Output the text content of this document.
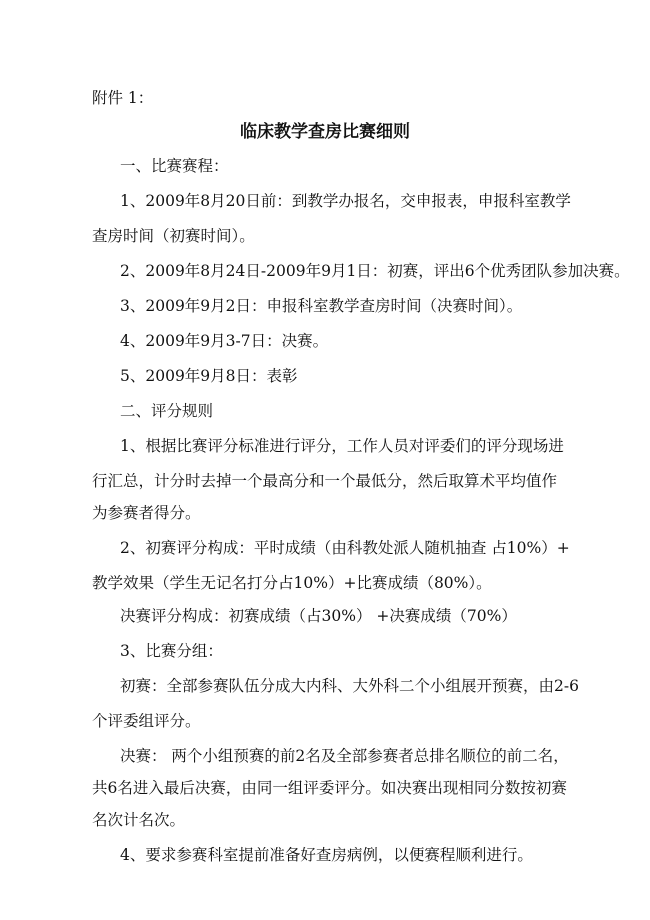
附件 1：
临床教学查房比赛细则
一、比赛赛程：
1、2009年8月20日前：到教学办报名，交申报表，申报科室教学
查房时间（初赛时间）。
2、2009年8月24日-2009年9月1日：初赛，评出6个优秀团队参加决赛。
3、2009年9月2日：申报科室教学查房时间（决赛时间）。
4、2009年9月3-7日：决赛。
5、2009年9月8日：表彰
二、评分规则
1、根据比赛评分标准进行评分，工作人员对评委们的评分现场进
行汇总，计分时去掉一个最高分和一个最低分，然后取算术平均值作
为参赛者得分。
2、初赛评分构成：平时成绩（由科教处派人随机抽查 占10%）+
教学效果（学生无记名打分占10%）+比赛成绩（80%）。
决赛评分构成：初赛成绩（占30%） +决赛成绩（70%）
3、比赛分组：
初赛：全部参赛队伍分成大内科、大外科二个小组展开预赛，由2-6
个评委组评分。
决赛： 两个小组预赛的前2名及全部参赛者总排名顺位的前二名，
共6名进入最后决赛，由同一组评委评分。如决赛出现相同分数按初赛
名次计名次。
4、要求参赛科室提前准备好查房病例，以便赛程顺利进行。
